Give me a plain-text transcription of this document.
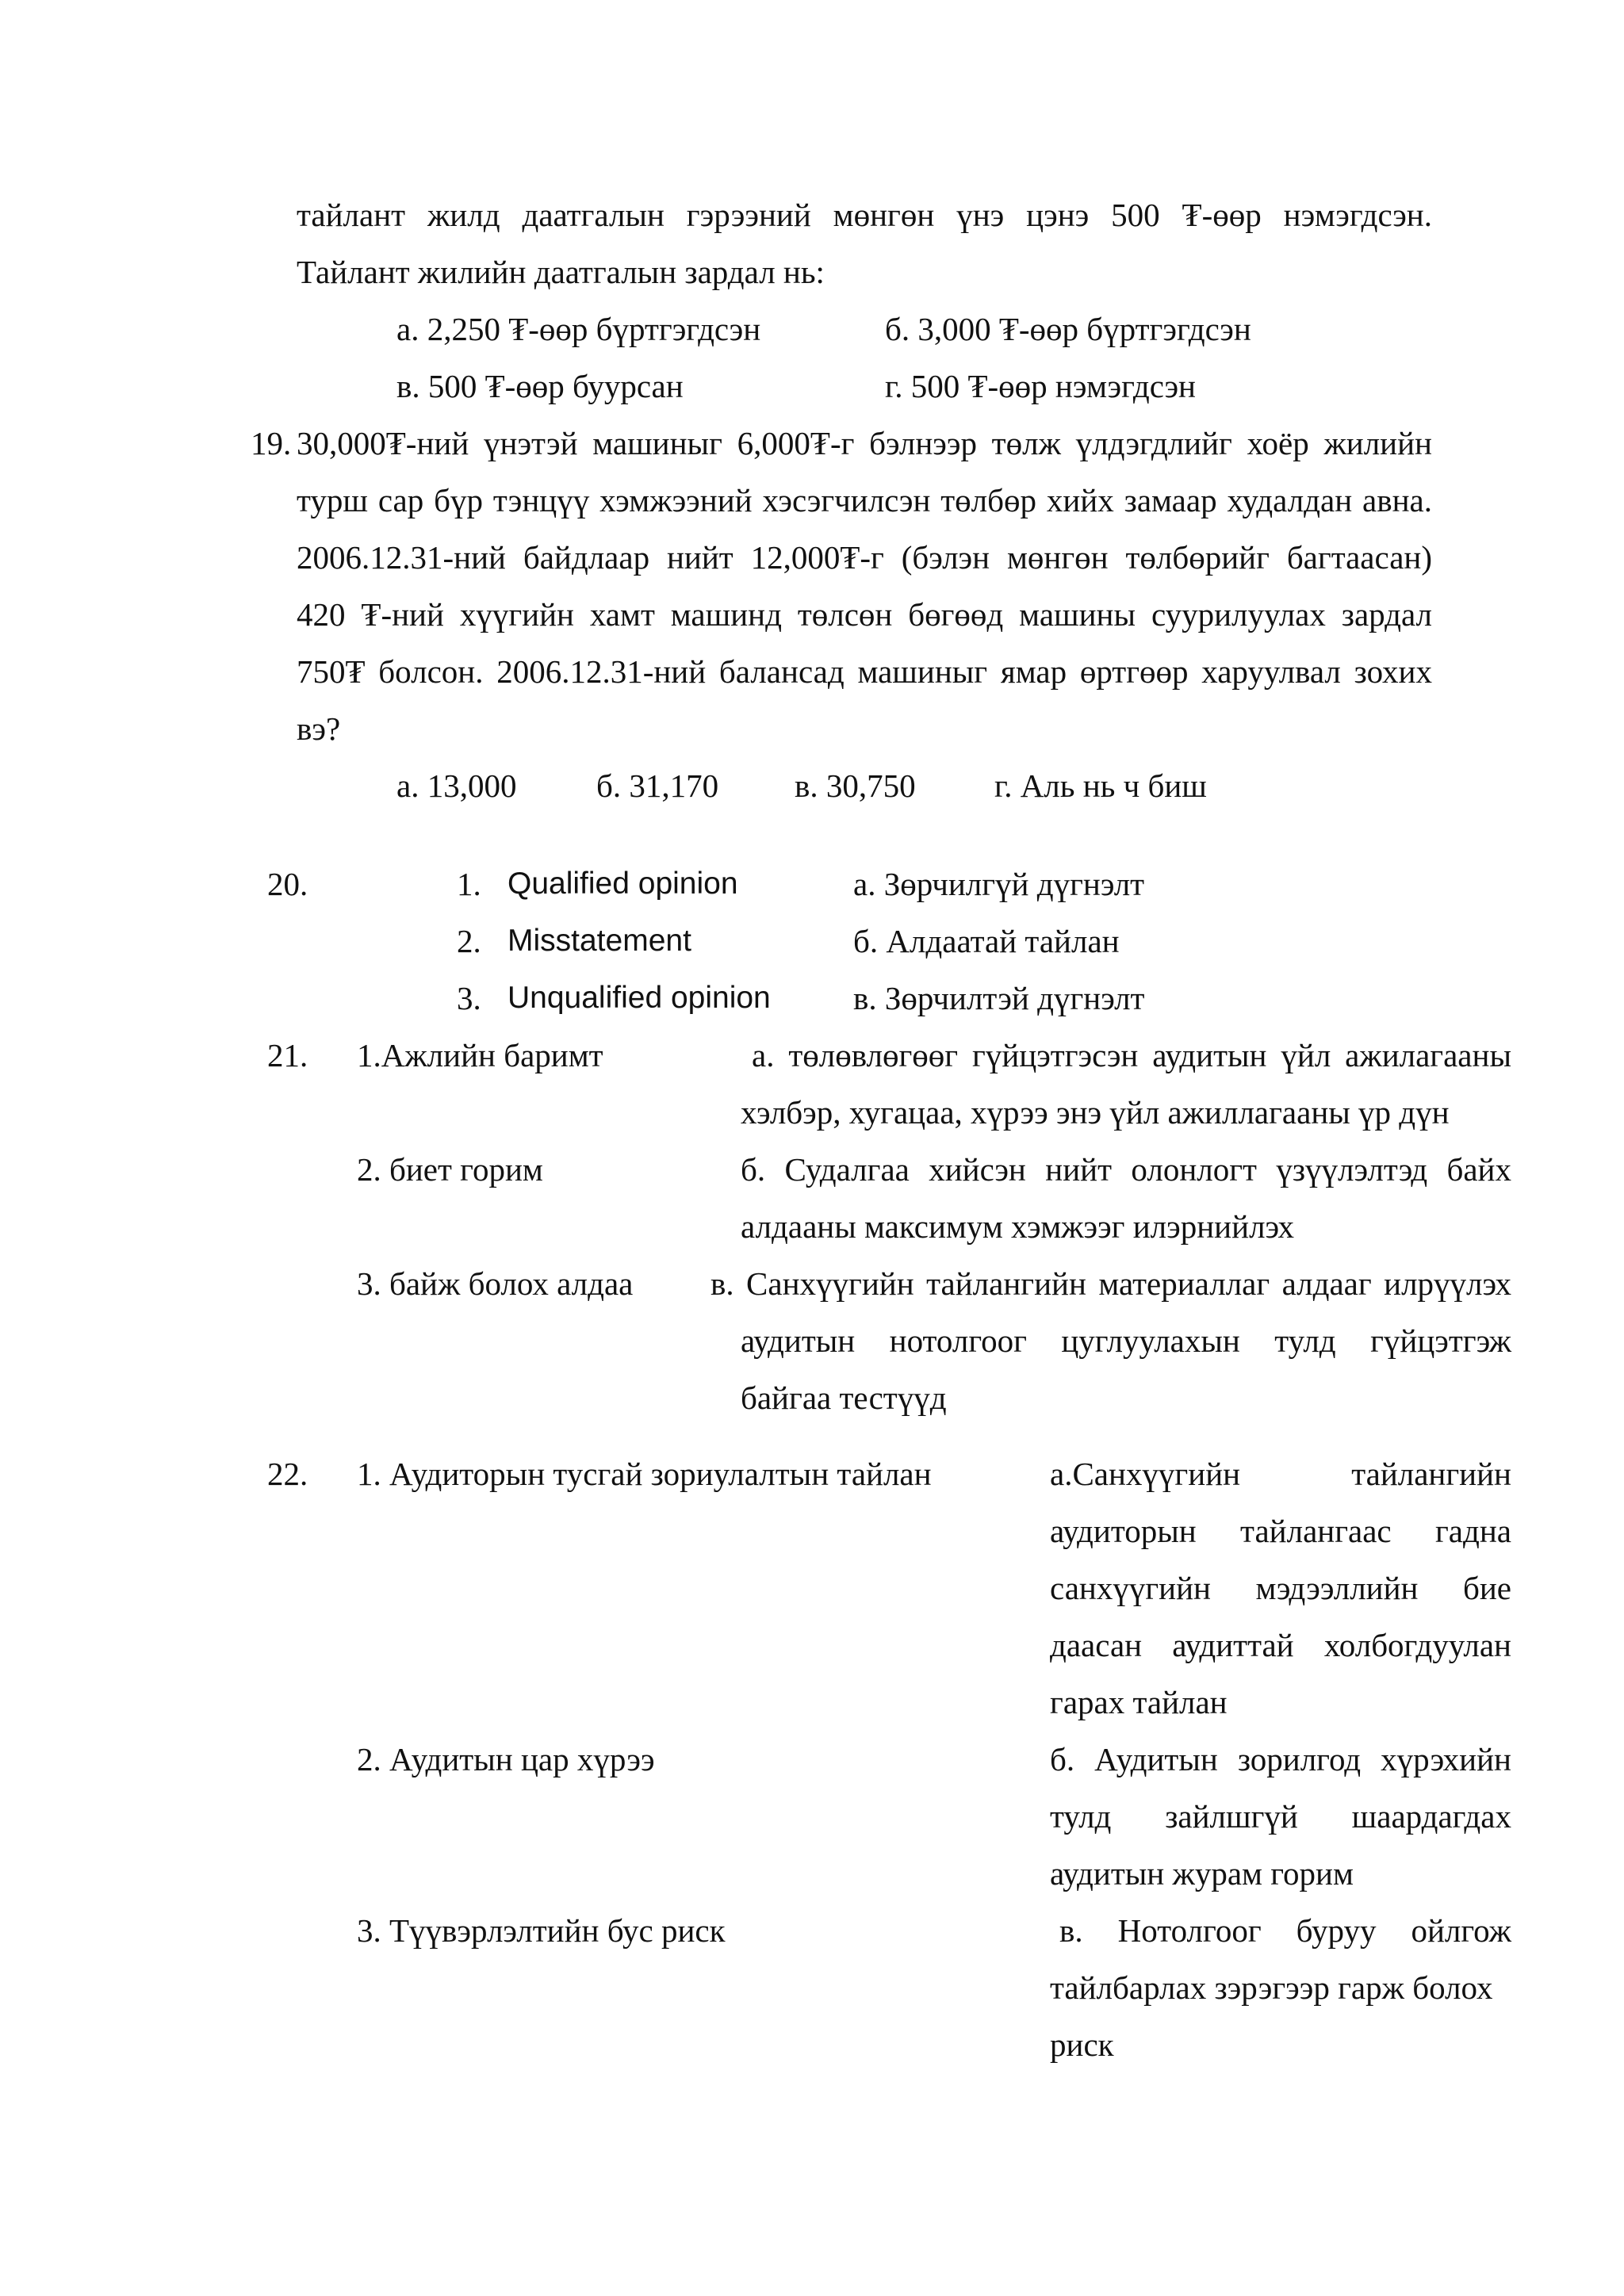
тайлант жилд даатгалын гэрээний мөнгөн үнэ цэнэ 500 ₮-өөр нэмэгдсэн.
Тайлант жилийн даатгалын зардал нь:
а. 2,250 ₮-өөр бүртгэгдсэн	б. 3,000 ₮-өөр бүртгэгдсэн
в. 500 ₮-өөр буурсан	г. 500 ₮-өөр нэмэгдсэн
19. 30,000₮-ний үнэтэй машиныг 6,000₮-г бэлнээр төлж үлдэгдлийг хоёр жилийн
турш сар бүр тэнцүү хэмжээний хэсэгчилсэн төлбөр хийх замаар худалдан авна.
2006.12.31-ний байдлаар нийт 12,000₮-г (бэлэн мөнгөн төлбөрийг багтаасан)
420 ₮-ний хүүгийн хамт машинд төлсөн бөгөөд машины суурилуулах зардал
750₮ болсон. 2006.12.31-ний балансад машиныг ямар өртгөөр харуулвал зохих
вэ?
а. 13,000 б. 31,170 в. 30,750 г. Аль нь ч биш
20.	1. Qualified opinion	а. Зөрчилгүй дүгнэлт
2. Misstatement	б. Алдаатай тайлан
3. Unqualified opinion	в. Зөрчилтэй дүгнэлт
21. 1.Ажлийн баримт	а. төлөвлөгөөг гүйцэтгэсэн аудитын үйл ажилагааны
хэлбэр, хугацаа, хүрээ энэ үйл ажиллагааны үр дүн
2. биет горим	б. Судалгаа хийсэн нийт олонлогт үзүүлэлтэд байх
алдааны максимум хэмжээг илэрнийлэх
3. байж болох алдаа в. Санхүүгийн тайлангийн материаллаг алдааг илрүүлэх
аудитын нотолгоог цуглуулахын тулд гүйцэтгэж
байгаа тестүүд
22. 1. Аудиторын тусгай зориулалтын тайлан	а.Санхүүгийн тайлангийн
аудиторын тайлангаас гадна
санхүүгийн мэдээллийн бие
даасан аудиттай холбогдуулан
гарах тайлан
2. Аудитын цар хүрээ	б. Аудитын зорилгод хүрэхийн
тулд зайлшгүй шаардагдах
аудитын журам горим
3. Түүвэрлэлтийн бус риск	в. Нотолгоог буруу ойлгож
тайлбарлах зэрэгээр гарж болох
риск
